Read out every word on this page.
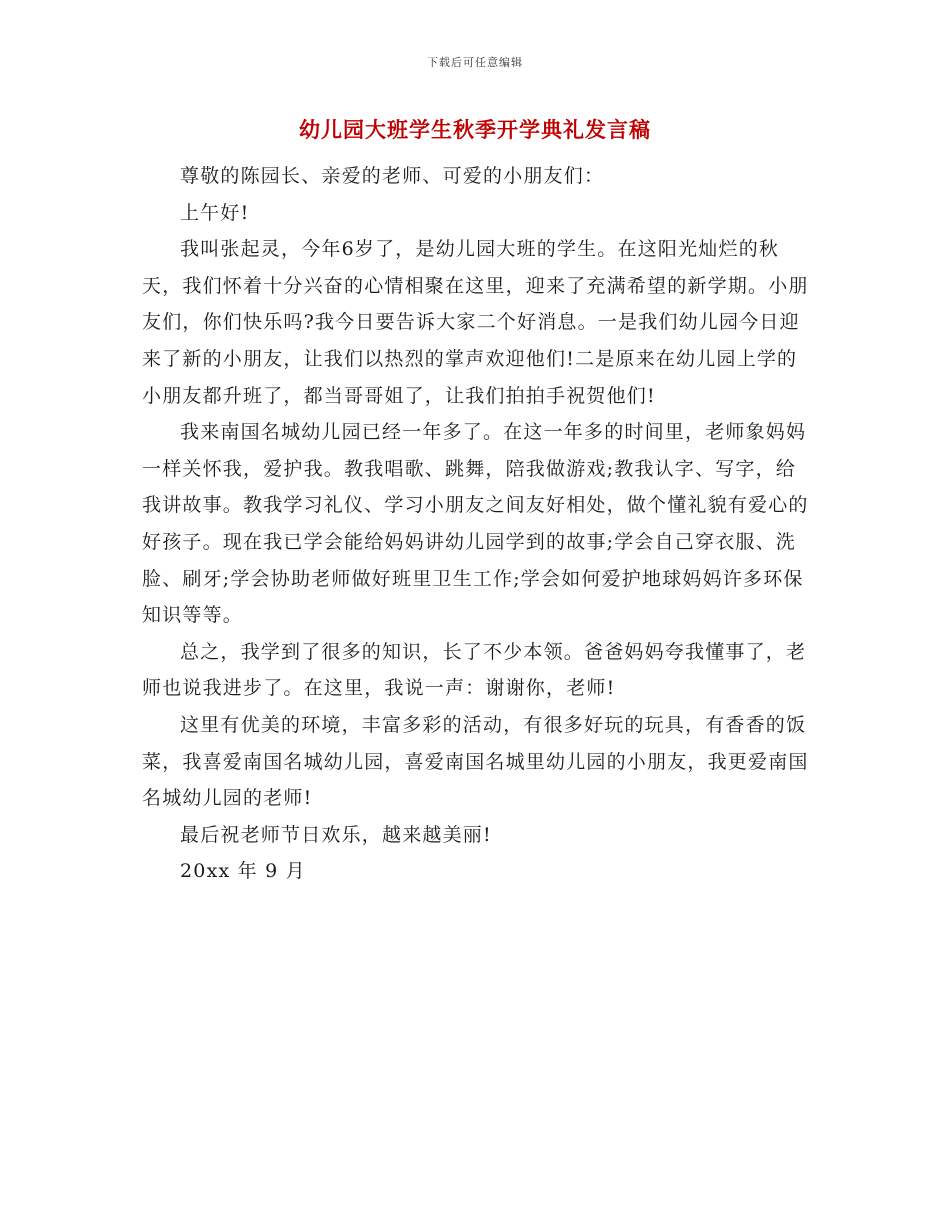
下载后可任意编辑
幼儿园大班学生秋季开学典礼发言稿

尊敬的陈园长、亲爱的老师、可爱的小朋友们：

上午好!

我叫张起灵，今年6岁了，是幼儿园大班的学生。在这阳光灿烂的秋天，我们怀着十分兴奋的心情相聚在这里，迎来了充满希望的新学期。小朋友们，你们快乐吗?我今日要告诉大家二个好消息。一是我们幼儿园今日迎来了新的小朋友，让我们以热烈的掌声欢迎他们!二是原来在幼儿园上学的小朋友都升班了，都当哥哥姐了，让我们拍拍手祝贺他们!

我来南国名城幼儿园已经一年多了。在这一年多的时间里，老师象妈妈一样关怀我，爱护我。教我唱歌、跳舞，陪我做游戏;教我认字、写字，给我讲故事。教我学习礼仪、学习小朋友之间友好相处，做个懂礼貌有爱心的好孩子。现在我已学会能给妈妈讲幼儿园学到的故事;学会自己穿衣服、洗脸、刷牙;学会协助老师做好班里卫生工作;学会如何爱护地球妈妈许多环保知识等等。

总之，我学到了很多的知识，长了不少本领。爸爸妈妈夸我懂事了，老师也说我进步了。在这里，我说一声：谢谢你，老师!

这里有优美的环境，丰富多彩的活动，有很多好玩的玩具，有香香的饭菜，我喜爱南国名城幼儿园，喜爱南国名城里幼儿园的小朋友，我更爱南国名城幼儿园的老师!

最后祝老师节日欢乐，越来越美丽!

20xx 年 9 月
